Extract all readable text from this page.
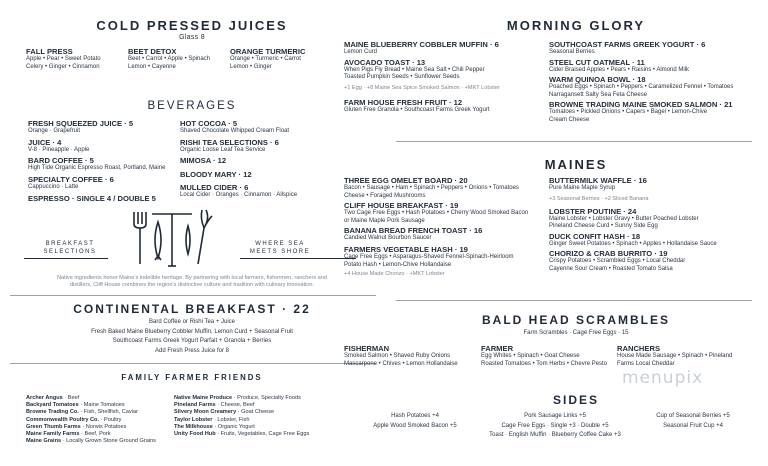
COLD PRESSED JUICES
Glass 8
FALL PRESS
Apple • Pear • Sweet Potato
Celery • Ginger • Cinnamon
BEET DETOX
Beet • Carrot • Apple • Spinach
Lemon • Cayenne
ORANGE TURMERIC
Orange • Turmeric • Carrot
Lemon • Ginger
BEVERAGES
FRESH SQUEEZED JUICE · 5
Orange · Grapefruit
JUICE · 4
V-8 · Pineapple · Apple
BARD COFFEE · 5
High Tide Organic Espresso Roast, Portland, Maine
SPECIALTY COFFEE · 6
Cappuccino · Latte
ESPRESSO · SINGLE 4 / DOUBLE 5
HOT COCOA · 5
Shaved Chocolate Whipped Cream Float
RISHI TEA SELECTIONS · 6
Organic Loose Leaf Tea Service
MIMOSA · 12
BLOODY MARY · 12
MULLED CIDER · 6
Local Cider · Oranges · Cinnamon · Allspice
BREAKFAST
SELECTIONS
WHERE SEA
MEETS SHORE
Native ingredients honor Maine's indelible heritage. By partnering with local farmers, fishermen, ranchers and
distillers, Cliff House combines the region's distinctive culture and tradition with culinary innovation.
CONTINENTAL BREAKFAST · 22
Bard Coffee or Rishi Tea + Juice
Fresh Baked Maine Blueberry Cobbler Muffin, Lemon Curd + Seasonal Fruit
Southcoast Farms Greek Yogurt Parfait + Granola + Berries
Add Fresh Press Juice for 8
FAMILY FARMER FRIENDS
Archer Angus · Beef
Backyard Tomatoes · Maine Tomatoes
Browne Trading Co. · Fish, Shellfish, Caviar
Commonwealth Poultry Co. · Poultry
Green Thumb Farms · Norwis Potatoes
Maine Family Farms · Beef, Pork
Maine Grains · Locally Grown Stone Ground Grains
Native Maine Produce · Produce, Specialty Foods
Pineland Farms · Cheese, Beef
Silvery Moon Creamery · Goat Cheese
Taylor Lobster · Lobster, Fish
The Milkhouse · Organic Yogurt
Unity Food Hub · Fruits, Vegetables, Cage Free Eggs
MORNING GLORY
MAINE BLUEBERRY COBBLER MUFFIN · 6
Lemon Curd
AVOCADO TOAST · 13
When Pigs Fly Bread • Maine Sea Salt • Chili Pepper
Toasted Pumpkin Seeds • Sunflower Seeds
+1 Egg · +8 Maine Sea Spice Smoked Salmon · +MKT Lobster
FARM HOUSE FRESH FRUIT · 12
Gluten Free Granola • Southcoast Farms Greek Yogurt
SOUTHCOAST FARMS GREEK YOGURT · 6
Seasonal Berries
STEEL CUT OATMEAL · 11
Cider Braised Apples • Pears • Raisins • Almond Milk
WARM QUINOA BOWL · 18
Poached Eggs • Spinach • Peppers • Caramelized Fennel • Tomatoes
Narragansett Salty Sea Feta Cheese
BROWNE TRADING MAINE SMOKED SALMON · 21
Tomatoes • Pickled Onions • Capers • Bagel • Lemon-Chive
Cream Cheese
MAINES
THREE EGG OMELET BOARD · 20
Bacon • Sausage • Ham • Spinach • Peppers • Onions • Tomatoes
Cheese • Foraged Mushrooms
CLIFF HOUSE BREAKFAST · 19
Two Cage Free Eggs • Hash Potatoes • Cherry Wood Smoked Bacon
or Maine Maple Pork Sausage
BANANA BREAD FRENCH TOAST · 16
Candied Walnut Bourbon Saucer
FARMERS VEGETABLE HASH · 19
Cage Free Eggs • Asparagus-Shaved Fennel-Spinach-Heirloom
Potato Hash • Lemon-Chive Hollandaise
+4 House Made Chorizo · +MKT Lobster
BUTTERMILK WAFFLE · 16
Pure Maine Maple Syrup
+3 Seasonal Berries · +2 Sliced Banana
LOBSTER POUTINE · 24
Maine Lobster • Lobster Gravy • Butter Poached Lobster
Pineland Cheese Curd • Sunny Side Egg
DUCK CONFIT HASH · 18
Ginger Sweet Potatoes • Spinach • Apples • Hollandaise Sauce
CHORIZO & CRAB BURRITO · 19
Crispy Potatoes • Scrambled Eggs • Local Cheddar
Cayenne Sour Cream • Roasted Tomato Salsa
BALD HEAD SCRAMBLES
Farm Scrambles · Cage Free Eggs · 15
FISHERMAN
Smoked Salmon • Shaved Ruby Onions
Mascarpone • Chives • Lemon Hollandaise
FARMER
Egg Whites • Spinach • Goat Cheese
Roasted Tomatoes • Tom Herbs • Chevre Pesto
RANCHERS
House Made Sausage • Spinach • Pineland
Farms Local Cheddar
menupix
SIDES
Hash Potatoes +4
Apple Wood Smoked Bacon +5
Pork Sausage Links +5
Cage Free Eggs · Single +3 · Double +5
Toast · English Muffin · Blueberry Coffee Cake +3
Cup of Seasonal Berries +5
Seasonal Fruit Cup +4
